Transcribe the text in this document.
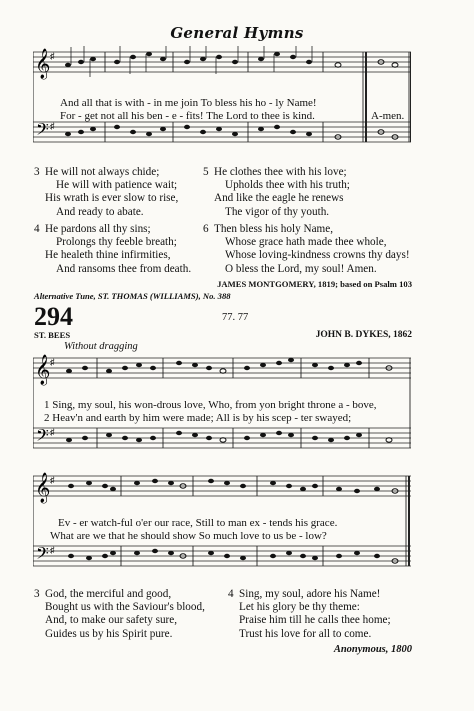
General Hymns
𝄞
𝄢
♯
♯
And all that is with - in me join To bless his ho - ly Name!
For - get not all his ben - e - fits! The Lord to thee is kind.	A-men.
3 He will not always chide;
He will with patience wait;
His wrath is ever slow to rise,
And ready to abate.
5 He clothes thee with his love;
Upholds thee with his truth;
And like the eagle he renews
The vigor of thy youth.
4 He pardons all thy sins;
Prolongs thy feeble breath;
He healeth thine infirmities,
And ransoms thee from death.
6 Then bless his holy Name,
Whose grace hath made thee whole,
Whose loving-kindness crowns thy days!
O bless the Lord, my soul! Amen.
JAMES MONTGOMERY, 1819; based on Psalm 103
Alternative Tune, ST. THOMAS (WILLIAMS), No. 388
294	77. 77
ST. BEES	JOHN B. DYKES, 1862
Without dragging
𝄞
𝄢
♯
♯
1 Sing, my soul, his won-drous love, Who, from yon bright throne a - bove,
2 Heav'n and earth by him were made; All is by his scep - ter swayed;
𝄞
𝄢
♯
♯
Ev - er watch-ful o'er our race, Still to man ex - tends his grace.
What are we that he should show So much love to us be - low?
3 God, the merciful and good,
Bought us with the Saviour's blood,
And, to make our safety sure,
Guides us by his Spirit pure.
4 Sing, my soul, adore his Name!
Let his glory be thy theme:
Praise him till he calls thee home;
Trust his love for all to come.
Anonymous, 1800
